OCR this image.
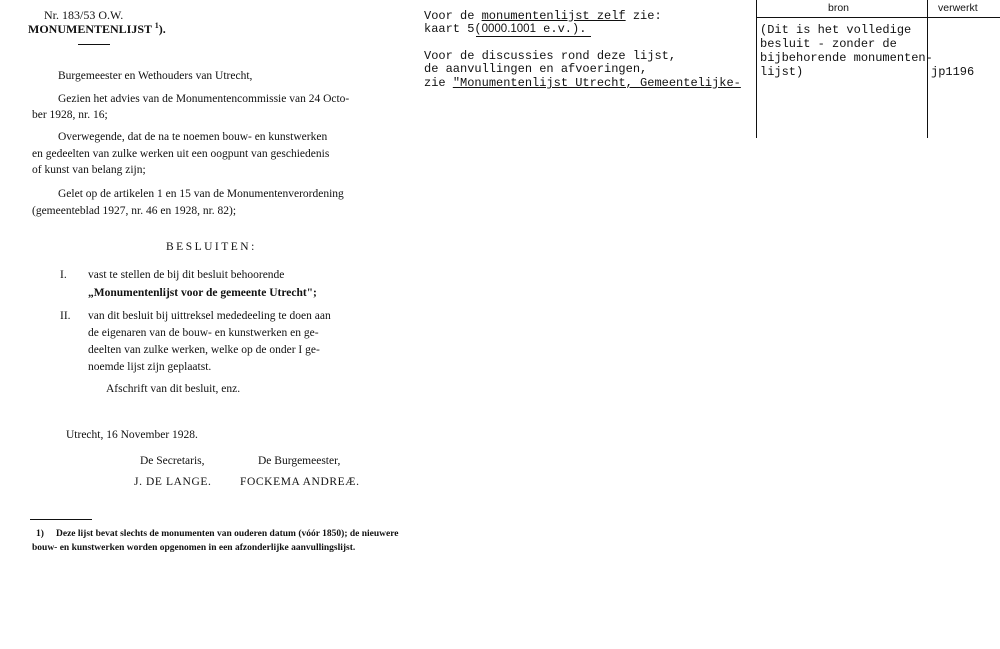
Nr. 183/53 O.W.
MONUMENTENLIJST $^1$).
Burgemeester en Wethouders van Utrecht,
Gezien het advies van de Monumentencommissie van 24 Octo-
ber 1928, nr. 16;
Overwegende, dat de na te noemen bouw- en kunstwerken
en gedeelten van zulke werken uit een oogpunt van geschiedenis
of kunst van belang zijn;
Gelet op de artikelen 1 en 15 van de Monumentenverordening
(gemeenteblad 1927, nr. 46 en 1928, nr. 82);
BESLUITEN:
I. vast te stellen de bij dit besluit behoorende
„Monumentenlijst voor de gemeente Utrecht";
II. van dit besluit bij uittreksel mededeeling te doen aan
de eigenaren van de bouw- en kunstwerken en ge-
deelten van zulke werken, welke op de onder I ge-
noemde lijst zijn geplaatst.
Afschrift van dit besluit, enz.
Utrecht, 16 November 1928.
De Secretaris,	De Burgemeester,
J. DE LANGE. FOCKEMA ANDREÆ.
1) Deze lijst bevat slechts de monumenten van ouderen datum (vóór 1850); de nieuwere
bouw- en kunstwerken worden opgenomen in een afzonderlijke aanvullingslijst.
Voor de monumentenlijst zelf zie:
kaart 5(0000.1001 e.v.).
Voor de discussies rond deze lijst,
de aanvullingen en afvoeringen,
zie "Monumentenlijst Utrecht, Gemeentelijke-
bron	verwerkt
(Dit is het volledige
besluit - zonder de
bijbehorende monumenten-
lijst)	jp1196
